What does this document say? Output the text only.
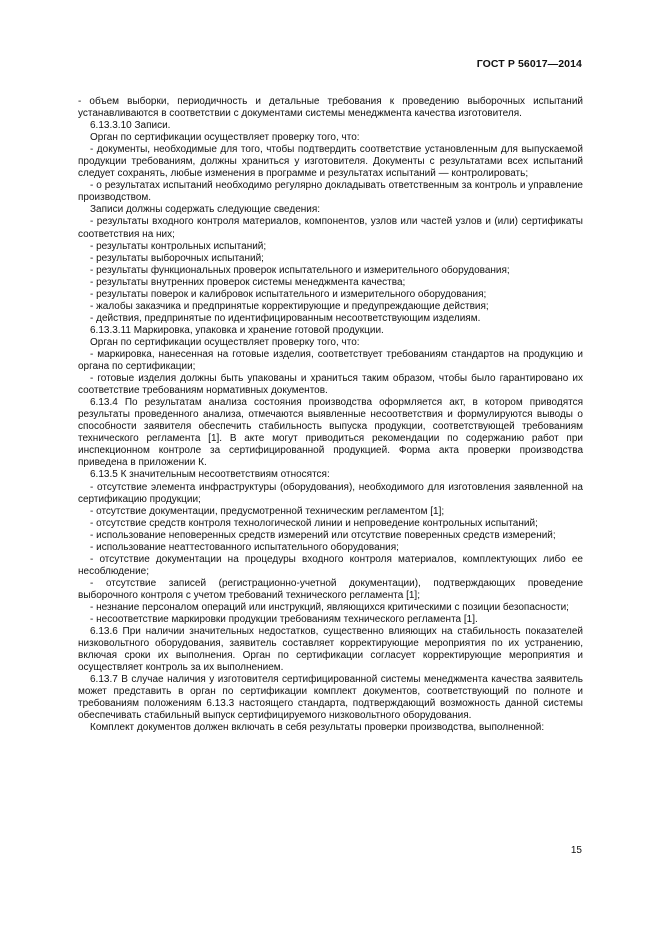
ГОСТ Р 56017—2014

- объем выборки, периодичность и детальные требования к проведению выборочных испытаний устанавливаются в соответствии с документами системы менеджмента качества изготовителя.

6.13.3.10 Записи.

Орган по сертификации осуществляет проверку того, что:

- документы, необходимые для того, чтобы подтвердить соответствие установленным для выпускаемой продукции требованиям, должны храниться у изготовителя. Документы с результатами всех испытаний следует сохранять, любые изменения в программе и результатах испытаний — контролировать;

- о результатах испытаний необходимо регулярно докладывать ответственным за контроль и управление производством.

Записи должны содержать следующие сведения:

- результаты входного контроля материалов, компонентов, узлов или частей узлов и (или) сертификаты соответствия на них;

- результаты контрольных испытаний;

- результаты выборочных испытаний;

- результаты функциональных проверок испытательного и измерительного оборудования;

- результаты внутренних проверок системы менеджмента качества;

- результаты поверок и калибровок испытательного и измерительного оборудования;

- жалобы заказчика и предпринятые корректирующие и предупреждающие действия;

- действия, предпринятые по идентифицированным несоответствующим изделиям.

6.13.3.11 Маркировка, упаковка и хранение готовой продукции.

Орган по сертификации осуществляет проверку того, что:

- маркировка, нанесенная на готовые изделия, соответствует требованиям стандартов на продукцию и органа по сертификации;

- готовые изделия должны быть упакованы и храниться таким образом, чтобы было гарантировано их соответствие требованиям нормативных документов.

6.13.4 По результатам анализа состояния производства оформляется акт, в котором приводятся результаты проведенного анализа, отмечаются выявленные несоответствия и формулируются выводы о способности заявителя обеспечить стабильность выпуска продукции, соответствующей требованиям технического регламента [1]. В акте могут приводиться рекомендации по содержанию работ при инспекционном контроле за сертифицированной продукцией. Форма акта проверки производства приведена в приложении К.

6.13.5 К значительным несоответствиям относятся:

- отсутствие элемента инфраструктуры (оборудования), необходимого для изготовления заявленной на сертификацию продукции;

- отсутствие документации, предусмотренной техническим регламентом [1];

- отсутствие средств контроля технологической линии и непроведение контрольных испытаний;

- использование неповеренных средств измерений или отсутствие поверенных средств измерений;

- использование неаттестованного испытательного оборудования;

- отсутствие документации на процедуры входного контроля материалов, комплектующих либо ее несоблюдение;

- отсутствие записей (регистрационно-учетной документации), подтверждающих проведение выборочного контроля с учетом требований технического регламента [1];

- незнание персоналом операций или инструкций, являющихся критическими с позиции безопасности;

- несоответствие маркировки продукции требованиям технического регламента [1].

6.13.6 При наличии значительных недостатков, существенно влияющих на стабильность показателей низковольтного оборудования, заявитель составляет корректирующие мероприятия по их устранению, включая сроки их выполнения. Орган по сертификации согласует корректирующие мероприятия и осуществляет контроль за их выполнением.

6.13.7 В случае наличия у изготовителя сертифицированной системы менеджмента качества заявитель может представить в орган по сертификации комплект документов, соответствующий по полноте и требованиям положениям 6.13.3 настоящего стандарта, подтверждающий возможность данной системы обеспечивать стабильный выпуск сертифицируемого низковольтного оборудования.

Комплект документов должен включать в себя результаты проверки производства, выполненной:

15
